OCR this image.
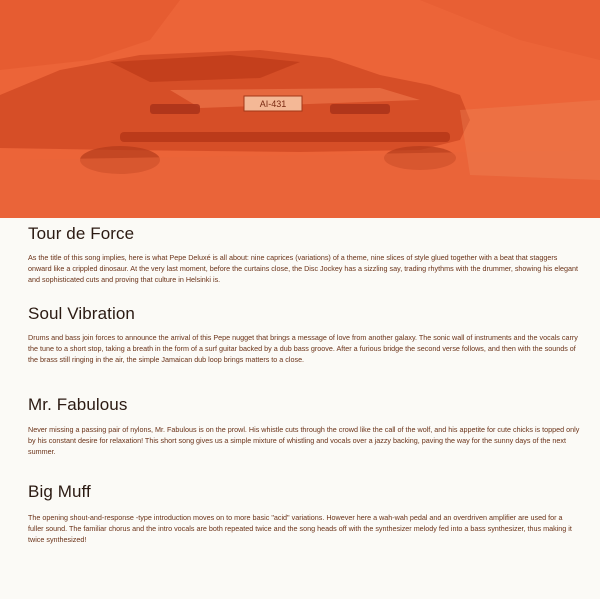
AI-431
Tour de Force

As the title of this song implies, here is what Pepe Deluxé is all about: nine caprices (variations) of a theme, nine slices of style glued together with a beat that staggers onward like a crippled dinosaur. At the very last moment, before the curtains close, the Disc Jockey has a sizzling say, trading rhythms with the drummer, showing his elegant and sophisticated cuts and proving that culture in Helsinki is.

Soul Vibration

Drums and bass join forces to announce the arrival of this Pepe nugget that brings a message of love from another galaxy. The sonic wall of instruments and the vocals carry the tune to a short stop, taking a breath in the form of a surf guitar backed by a dub bass groove. After a furious bridge the second verse follows, and then with the sounds of the brass still ringing in the air, the simple Jamaican dub loop brings matters to a close.

Mr. Fabulous

Never missing a passing pair of nylons, Mr. Fabulous is on the prowl. His whistle cuts through the crowd like the call of the wolf, and his appetite for cute chicks is topped only by his constant desire for relaxation! This short song gives us a simple mixture of whistling and vocals over a jazzy backing, paving the way for the sunny days of the next summer.

Big Muff

The opening shout-and-response -type introduction moves on to more basic "acid" variations. However here a wah-wah pedal and an overdriven amplifier are used for a fuller sound. The familiar chorus and the intro vocals are both repeated twice and the song heads off with the synthesizer melody fed into a bass synthesizer, thus making it twice synthesized!
